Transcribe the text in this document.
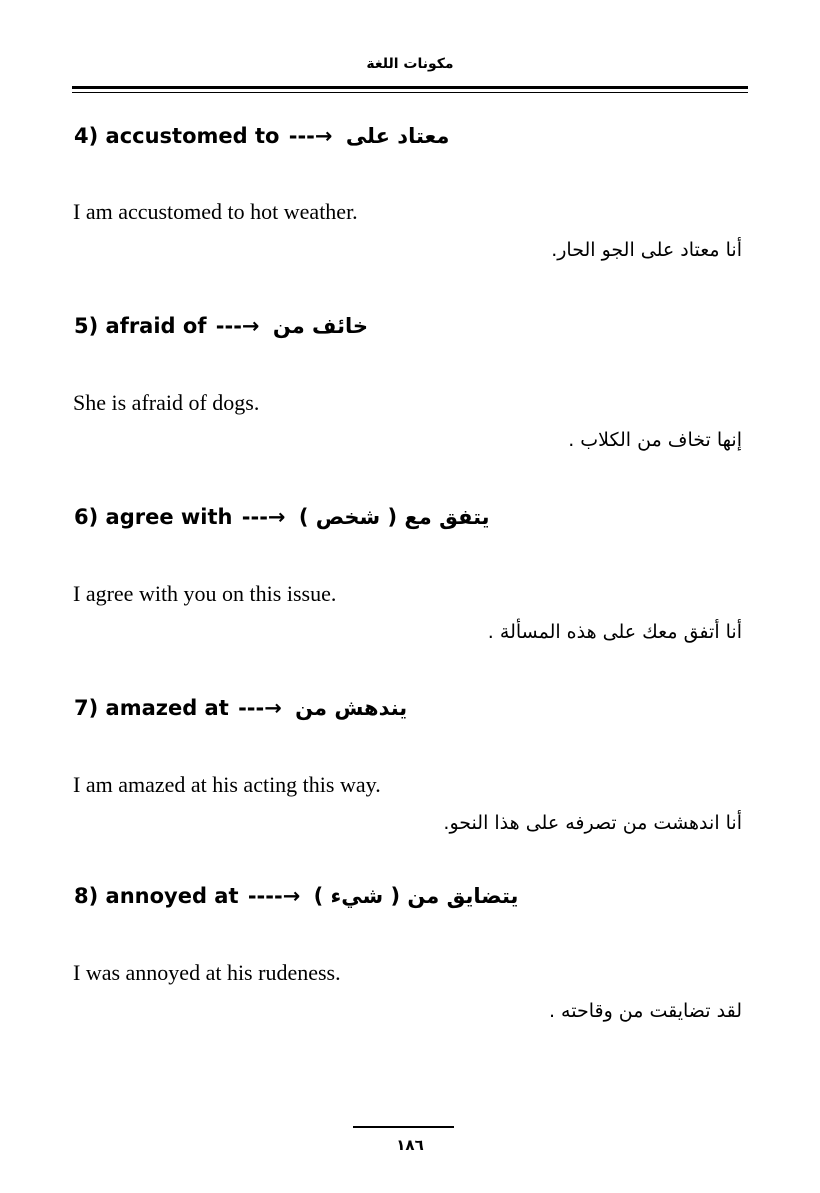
مكونات اللغة
4) accustomed to ---→ معتاد على
I am accustomed to hot weather.
أنا معتاد على الجو الحار.
5) afraid of ---→ خائف من
She is afraid of dogs.
إنها تخاف من الكلاب .
6) agree with ---→ يتفق مع ( شخص )
I agree with you on this issue.
أنا أتفق معك على هذه المسألة .
7) amazed at ---→ يندهش من
I am amazed at his acting this way.
أنا اندهشت من تصرفه على هذا النحو.
8) annoyed at ----→ يتضايق من ( شيء )
I was annoyed at his rudeness.
لقد تضايقت من وقاحته .
١٨٦
